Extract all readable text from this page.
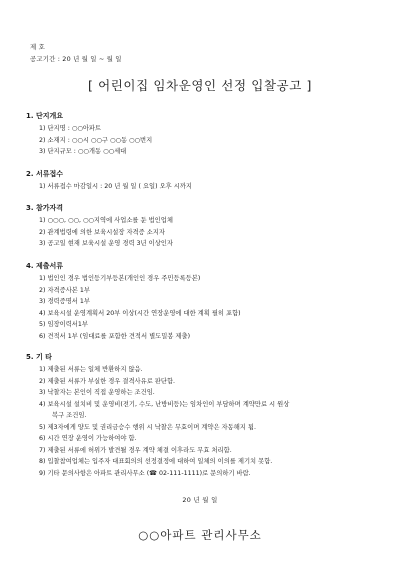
제 호
공고기간 : 20 년 월 일 ~ 월 일
[ 어린이집 임차운영인 선정 입찰공고 ]
1. 단지개요
1) 단지명 : ○○아파트
2) 소재지 : ○○시 ○○구 ○○동 ○○번지
3) 단지규모 : ○○개동 ○○세대
2. 서류접수
1) 서류접수 마감일시 : 20 년 월 일 ( 요일) 오후 시까지
3. 참가자격
1) ○○○, ○○, ○○지역에 사업소를 둔 법인업체
2) 관계법령에 의한 보육시설장 자격증 소지자
3) 공고일 현재 보육시설 운영 경력 3년 이상인자
4. 제출서류
1) 법인인 경우 법인등기부등본(개인인 경우 주민등록등본)
2) 자격증사본 1부
3) 경력증명서 1부
4) 보육시설 운영계획서 20부 이상(시간 연장운영에 대한 계획 필히 포함)
5) 임장이력서1부
6) 견적서 1부 (임대료를 포함한 견적서 별도밀봉 제출)
5. 기 타
1) 제출된 서류는 일체 반환하지 않음.
2) 제출된 서류가 부실한 경우 결격사유로 판단함.
3) 낙찰자는 본인이 직접 운영하는 조건임.
4) 보육시설 설치비 및 운영비(전기, 수도, 난방비등)는 임차인이 부담하며 계약만료 시 원상
복구 조건임.
5) 제3자에게 양도 및 권리금승수 행위 시 낙찰은 무효이며 계약은 자동해지 됨.
6) 시간 연장 운영이 가능하여야 함.
7) 제출된 서류에 허위가 발견될 경우 계약 체결 이후라도 무효 처리함.
8) 입찰참여업체는 입주자 대표회의의 선정결정에 대하여 일체의 이의를 제기치 못함.
9) 기타 문의사항은 아파트 관리사무소 (☎ 02-111-1111)로 문의하기 바람.
20 년 월 일
○○아파트 관리사무소
